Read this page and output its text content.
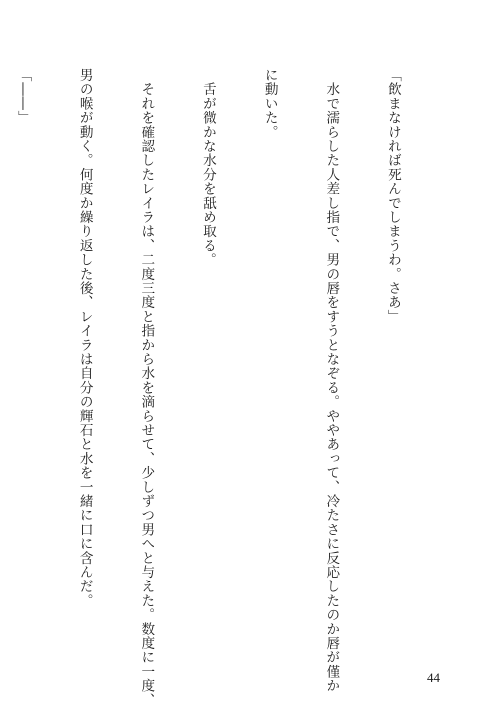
「飲まなければ死んでしまうわ。さあ」

　水で濡らした人差し指で、男の唇をすうとなぞる。ややあって、冷たさに反応したのか唇が僅か

に動いた。

　舌が微かな水分を舐め取る。

　それを確認したレイラは、二度三度と指から水を滴らせて、少しずつ男へと与えた。数度に一度、

男の喉が動く。何度か繰り返した後、レイラは自分の輝石と水を一緒に口に含んだ。

「――」

44
